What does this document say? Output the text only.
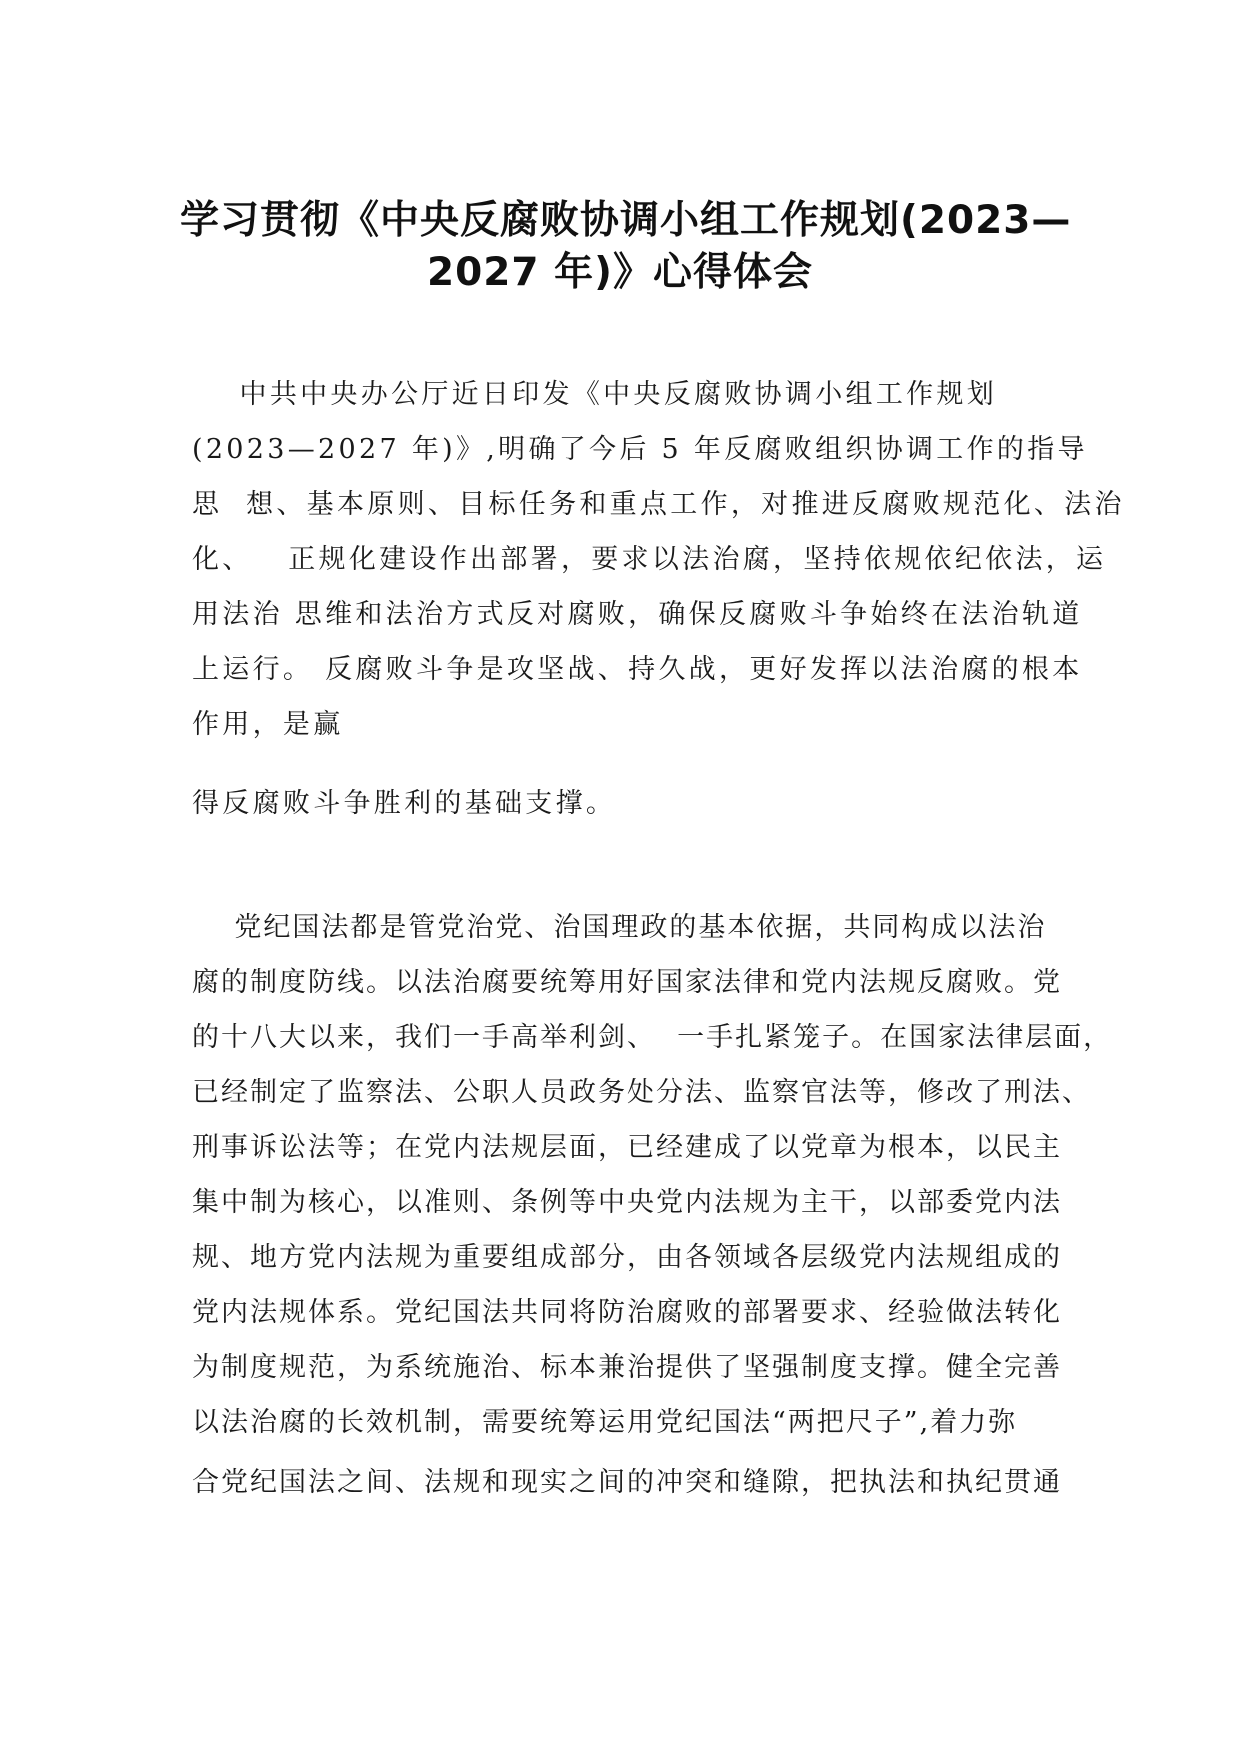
学习贯彻《中央反腐败协调小组工作规划(2023—
2027 年)》心得体会
中共中央办公厅近日印发《中央反腐败协调小组工作规划
(2023—2027 年)》,明确了今后 5 年反腐败组织协调工作的指导
思  想、基本原则、目标任务和重点工作，对推进反腐败规范化、法治
化、   正规化建设作出部署，要求以法治腐，坚持依规依纪依法，运
用法治 思维和法治方式反对腐败，确保反腐败斗争始终在法治轨道
上运行。 反腐败斗争是攻坚战、持久战，更好发挥以法治腐的根本
作用，是赢
得反腐败斗争胜利的基础支撑。
党纪国法都是管党治党、治国理政的基本依据，共同构成以法治
腐的制度防线。以法治腐要统筹用好国家法律和党内法规反腐败。党
的十八大以来，我们一手高举利剑、  一手扎紧笼子。在国家法律层面，
已经制定了监察法、公职人员政务处分法、监察官法等，修改了刑法、
刑事诉讼法等；在党内法规层面，已经建成了以党章为根本，以民主
集中制为核心，以准则、条例等中央党内法规为主干，以部委党内法
规、地方党内法规为重要组成部分，由各领域各层级党内法规组成的
党内法规体系。党纪国法共同将防治腐败的部署要求、经验做法转化
为制度规范，为系统施治、标本兼治提供了坚强制度支撑。健全完善
以法治腐的长效机制，需要统筹运用党纪国法“两把尺子”,着力弥
合党纪国法之间、法规和现实之间的冲突和缝隙，把执法和执纪贯通
